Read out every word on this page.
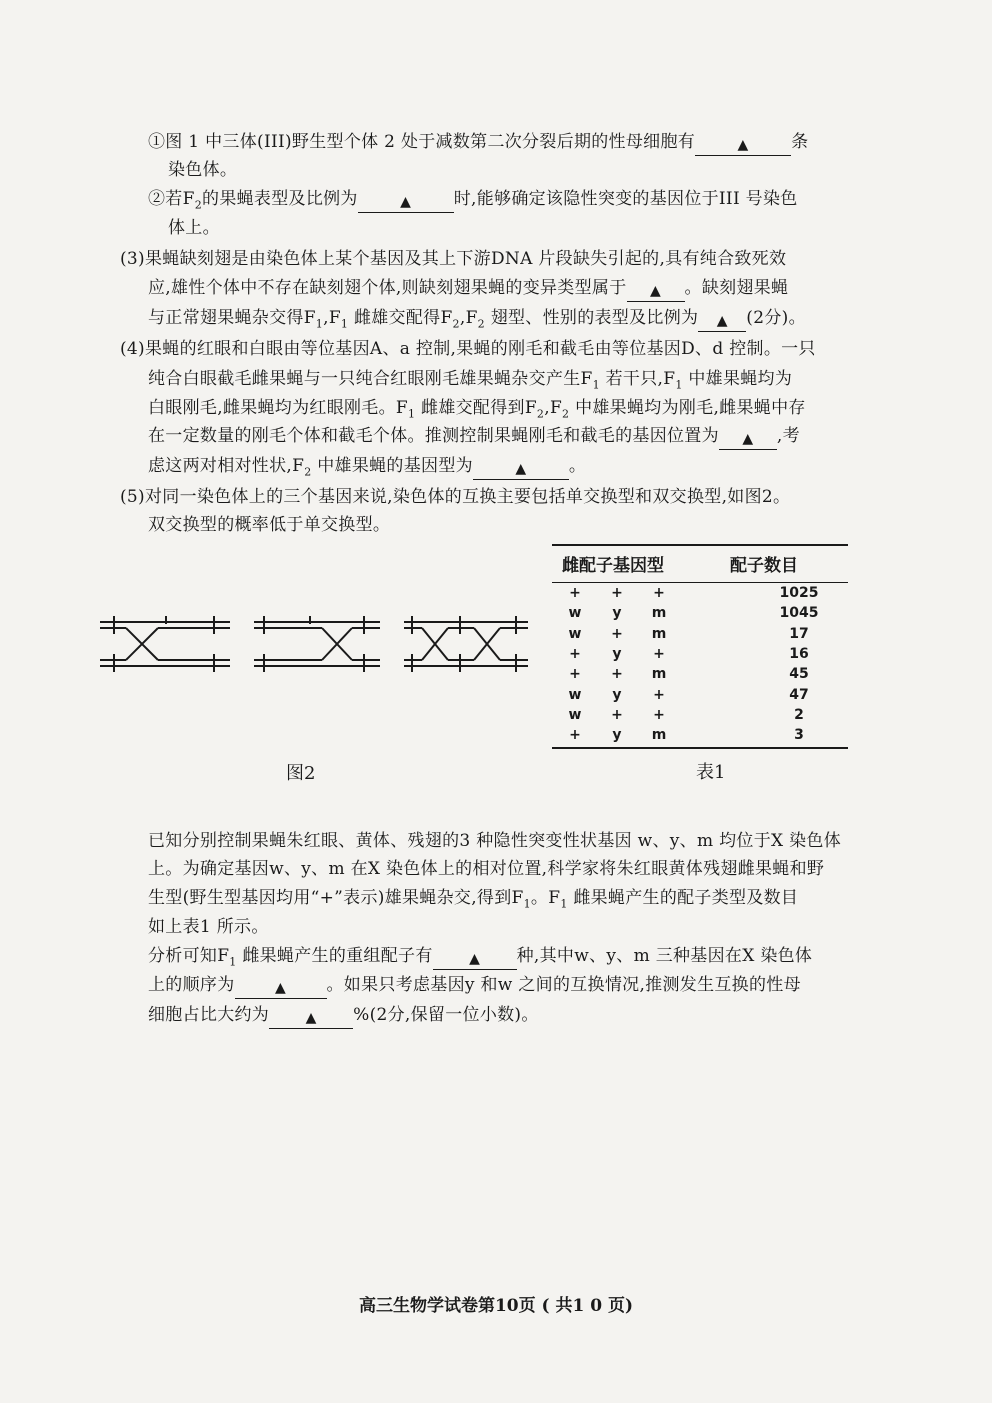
①图 1 中三体(III)野生型个体 2 处于减数第二次分裂后期的性母细胞有	▲ 条
染色体。
②若$F_2$的果蝇表型及比例为	▲ 时,能够确定该隐性突变的基因位于III 号染色
体上。
(3)果蝇缺刻翅是由染色体上某个基因及其上下游DNA 片段缺失引起的,具有纯合致死效
应,雄性个体中不存在缺刻翅个体,则缺刻翅果蝇的变异类型属于 ▲ 。缺刻翅果蝇
与正常翅果蝇杂交得$F_1,F_1$ 雌雄交配得$F_2,F_2$ 翅型、性别的表型及比例为 ▲ (2分)。
(4)果蝇的红眼和白眼由等位基因A、a 控制,果蝇的刚毛和截毛由等位基因D、d 控制。一只
纯合白眼截毛雌果蝇与一只纯合红眼刚毛雄果蝇杂交产生$F_1$ 若干只$,F_1$ 中雄果蝇均为
白眼刚毛,雌果蝇均为红眼刚毛。$F_1$ 雌雄交配得到$F_2,F_2$ 中雄果蝇均为刚毛,雌果蝇中存
在一定数量的刚毛个体和截毛个体。推测控制果蝇刚毛和截毛的基因位置为 ▲ ,考
虑这两对相对性状$,F_2$ 中雄果蝇的基因型为	▲ 。
(5)对同一染色体上的三个基因来说,染色体的互换主要包括单交换型和双交换型,如图2。
双交换型的概率低于单交换型。
图2
雌配子基因型			配子数目
+	+	+	1025
w	y	m	1045
w	+	m	17
+	y	+	16
+	+	m	45
w	y	+	47
w	+	+	2
+	y	m	3
表1
已知分别控制果蝇朱红眼、黄体、残翅的3 种隐性突变性状基因 w、y、m 均位于X 染色体
上。为确定基因w、y、m 在X 染色体上的相对位置,科学家将朱红眼黄体残翅雌果蝇和野
生型(野生型基因均用“+”表示)雄果蝇杂交,得到$F_1$。$F_1$ 雌果蝇产生的配子类型及数目
如上表1 所示。
分析可知$F_1$ 雌果蝇产生的重组配子有	▲ 种,其中w、y、m 三种基因在X 染色体
上的顺序为	▲ 。如果只考虑基因y 和w 之间的互换情况,推测发生互换的性母
细胞占比大约为	▲ %(2分,保留一位小数)。
高三生物学试卷第10页 ( 共1 0 页)
